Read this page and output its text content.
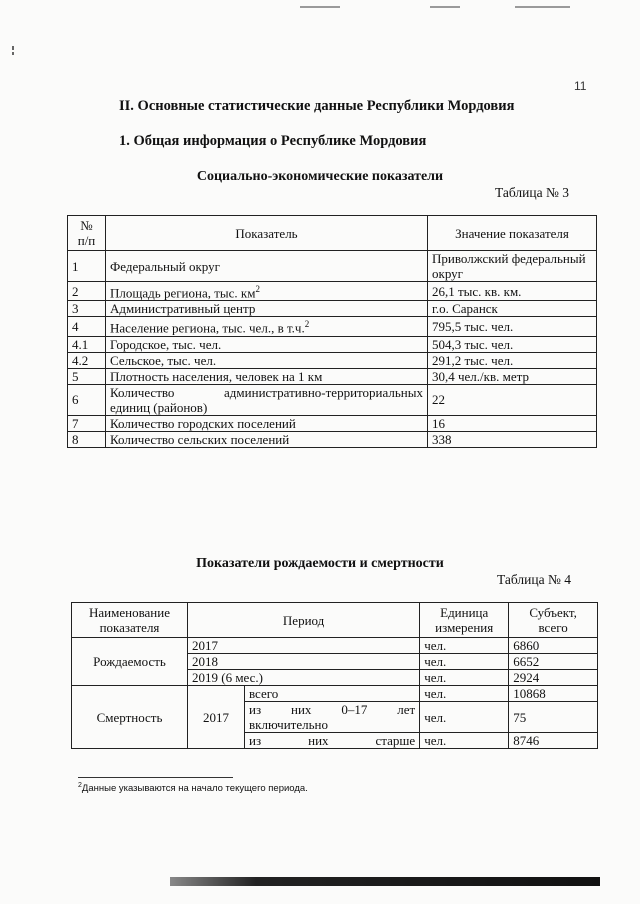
11
II. Основные статистические данные Республики Мордовия
1. Общая информация о Республике Мордовия
Социально-экономические показатели
Таблица № 3
№
п/п	Показатель	Значение показателя
1	Федеральный округ	Приволжский федеральный округ
2	Площадь региона, тыс. $км^2$	26,1 тыс. кв. км.
3	Административный центр	г.о. Саранск
4	Население региона, тыс. чел., в т.ч.$^2$	795,5 тыс. чел.
4.1	Городское, тыс. чел.	504,3 тыс. чел.
4.2	Сельское, тыс. чел.	291,2 тыс. чел.
5	Плотность населения, человек на 1 км	30,4 чел./кв. метр
6	Количество административно-территориальных
единиц (районов)	22
7	Количество городских поселений	16
8	Количество сельских поселений	338
Показатели рождаемости и смертности
Таблица № 4
Наименование показателя	Период		Единица измерения	Субъект, всего
Рождаемость	2017		чел.	6860
	2018		чел.	6652
	2019 (6 мес.)		чел.	2924
Смертность	2017	всего	чел.	10868

		из них 0–17 лет
включительно	чел.	75
		из них старше	чел.	8746
$^2$Данные указываются на начало текущего периода.
